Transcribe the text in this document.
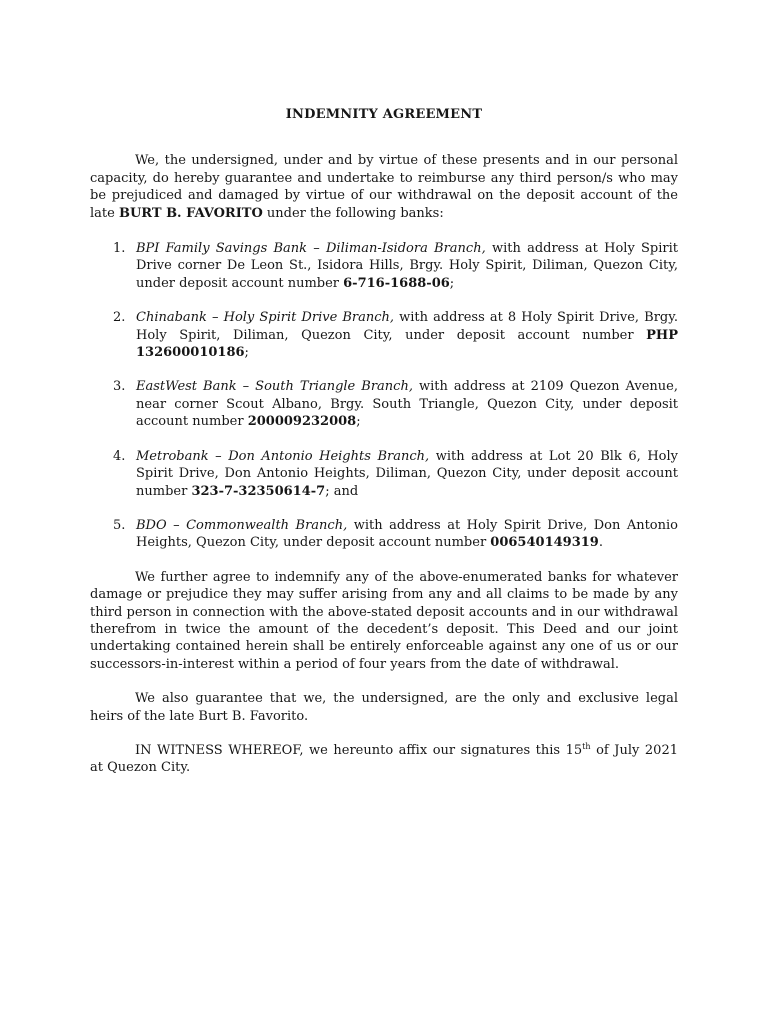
INDEMNITY AGREEMENT

We, the undersigned, under and by virtue of these presents and in our personal capacity, do hereby guarantee and undertake to reimburse any third person/s who may be prejudiced and damaged by virtue of our withdrawal on the deposit account of the late BURT B. FAVORITO under the following banks:

1. BPI Family Savings Bank – Diliman-Isidora Branch, with address at Holy Spirit Drive corner De Leon St., Isidora Hills, Brgy. Holy Spirit, Diliman, Quezon City, under deposit account number 6-716-1688-06;
2. Chinabank – Holy Spirit Drive Branch, with address at 8 Holy Spirit Drive, Brgy. Holy Spirit, Diliman, Quezon City, under deposit account number PHP 132600010186;
3. EastWest Bank – South Triangle Branch, with address at 2109 Quezon Avenue, near corner Scout Albano, Brgy. South Triangle, Quezon City, under deposit account number 200009232008;
4. Metrobank – Don Antonio Heights Branch, with address at Lot 20 Blk 6, Holy Spirit Drive, Don Antonio Heights, Diliman, Quezon City, under deposit account number 323-7-32350614-7; and
5. BDO – Commonwealth Branch, with address at Holy Spirit Drive, Don Antonio Heights, Quezon City, under deposit account number 006540149319.

We further agree to indemnify any of the above-enumerated banks for whatever damage or prejudice they may suffer arising from any and all claims to be made by any third person in connection with the above-stated deposit accounts and in our withdrawal therefrom in twice the amount of the decedent’s deposit. This Deed and our joint undertaking contained herein shall be entirely enforceable against any one of us or our successors-in-interest within a period of four years from the date of withdrawal.

We also guarantee that we, the undersigned, are the only and exclusive legal heirs of the late Burt B. Favorito.

IN WITNESS WHEREOF, we hereunto affix our signatures this 15th of July 2021 at Quezon City.
